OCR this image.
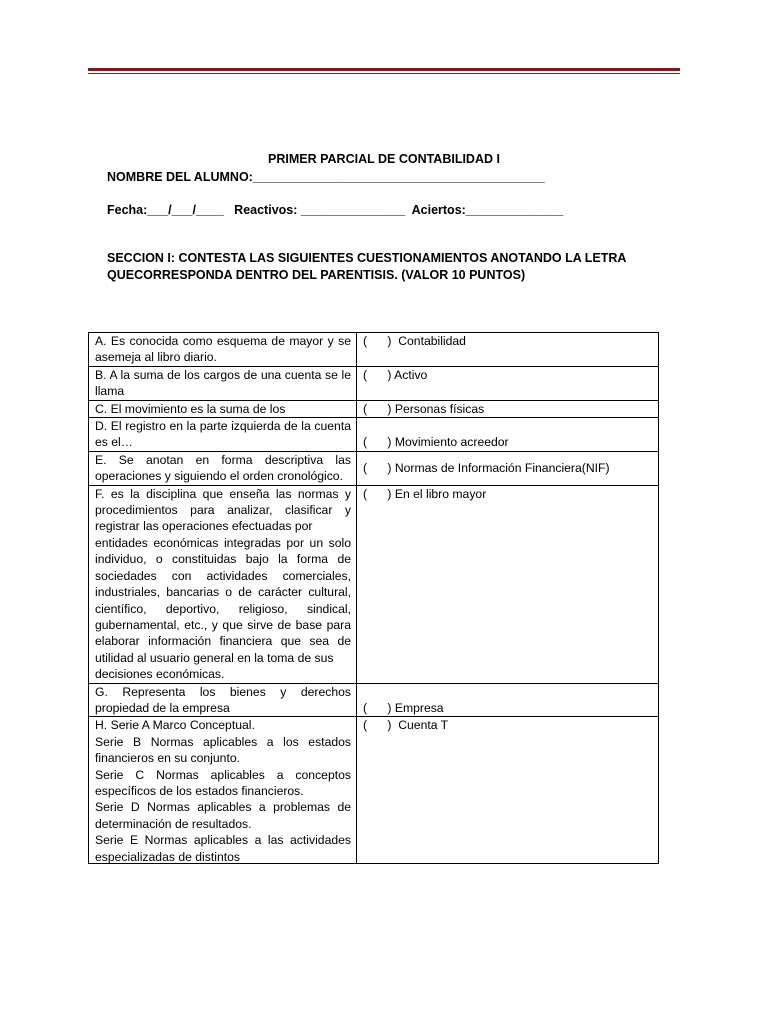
PRIMER PARCIAL DE CONTABILIDAD I
NOMBRE DEL ALUMNO:__________________________________________
Fecha:___/___/____   Reactivos: _______________  Aciertos:______________
SECCION I: CONTESTA LAS SIGUIENTES CUESTIONAMIENTOS ANOTANDO LA LETRA QUECORRESPONDA DENTRO DEL PARENTISIS. (VALOR 10 PUNTOS)
A. Es conocida como esquema de mayor y se asemeja al libro diario.	(      )  Contabilidad
B. A la suma de los cargos de una cuenta se le llama	(      ) Activo
C. El movimiento es la suma de los	(      ) Personas físicas
D. El registro en la parte izquierda de la cuenta es el…	(      ) Movimiento acreedor
E. Se anotan en forma descriptiva las operaciones y siguiendo el orden cronológico.	(      ) Normas de Información Financiera(NIF)

F. es la disciplina que enseña las normas y procedimientos para analizar, clasificar y registrar las operaciones efectuadas por
entidades económicas integradas por un solo individuo, o constituidas bajo la forma de sociedades con actividades comerciales, industriales, bancarias o de carácter cultural, científico, deportivo, religioso, sindical, gubernamental, etc., y que sirve de base para elaborar información financiera que sea de utilidad al usuario general en la toma de sus
decisiones económicas.	(      ) En el libro mayor
G. Representa los bienes y derechos propiedad de la empresa	(      ) Empresa

H. Serie A Marco Conceptual.
Serie B Normas aplicables a los estados financieros en su conjunto.
Serie C Normas aplicables a conceptos específicos de los estados financieros.
Serie D Normas aplicables a problemas de determinación de resultados.
Serie E Normas aplicables a las actividades especializadas de distintos	(      )  Cuenta T
